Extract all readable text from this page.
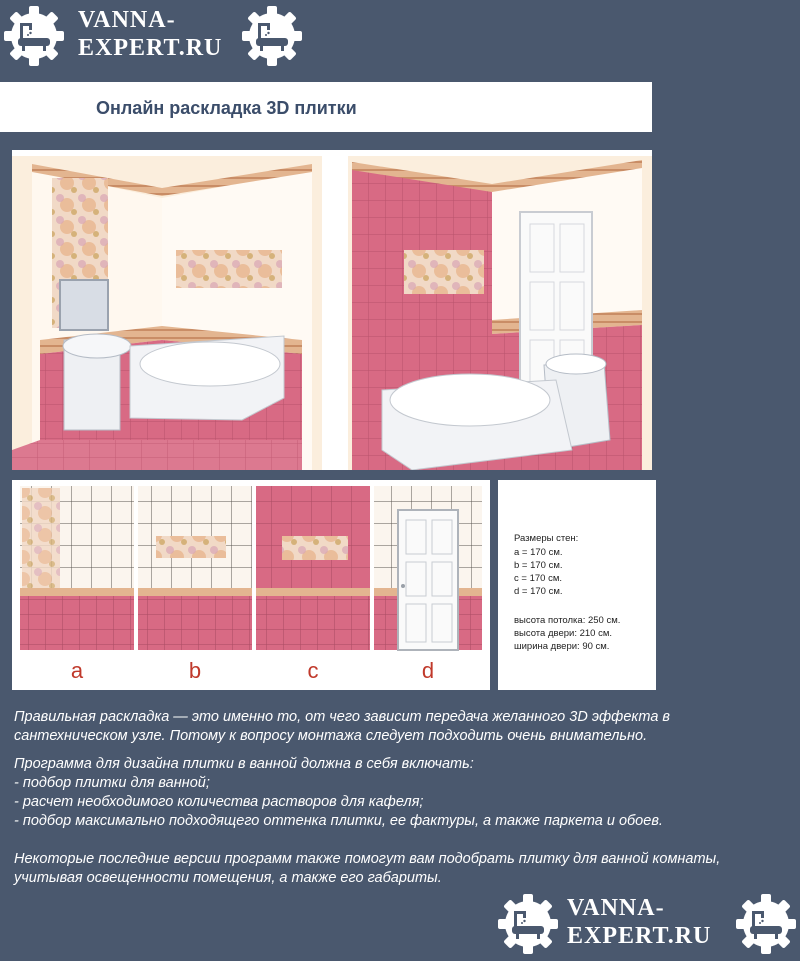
VANNA-
EXPERT.RU
Онлайн раскладка 3D плитки
a	b	c	d
Размеры стен:
a = 170 см.
b = 170 см.
c = 170 см.
d = 170 см.
высота потолка: 250 см.
высота двери: 210 см.
ширина двери: 90 см.

Правильная раскладка — это именно то, от чего зависит передача желанного 3D эффекта в сантехническом узле. Потому к вопросу монтажа следует подходить очень внимательно.

Программа для дизайна плитки в ванной должна в себя включать:

- подбор плитки для ванной;

- расчет необходимого количества растворов для кафеля;

- подбор максимально подходящего оттенка плитки, ее фактуры, а также паркета и обоев.

Некоторые последние версии программ также помогут вам подобрать плитку для ванной комнаты, учитывая освещенности помещения, а также его габариты.

VANNA-
EXPERT.RU
